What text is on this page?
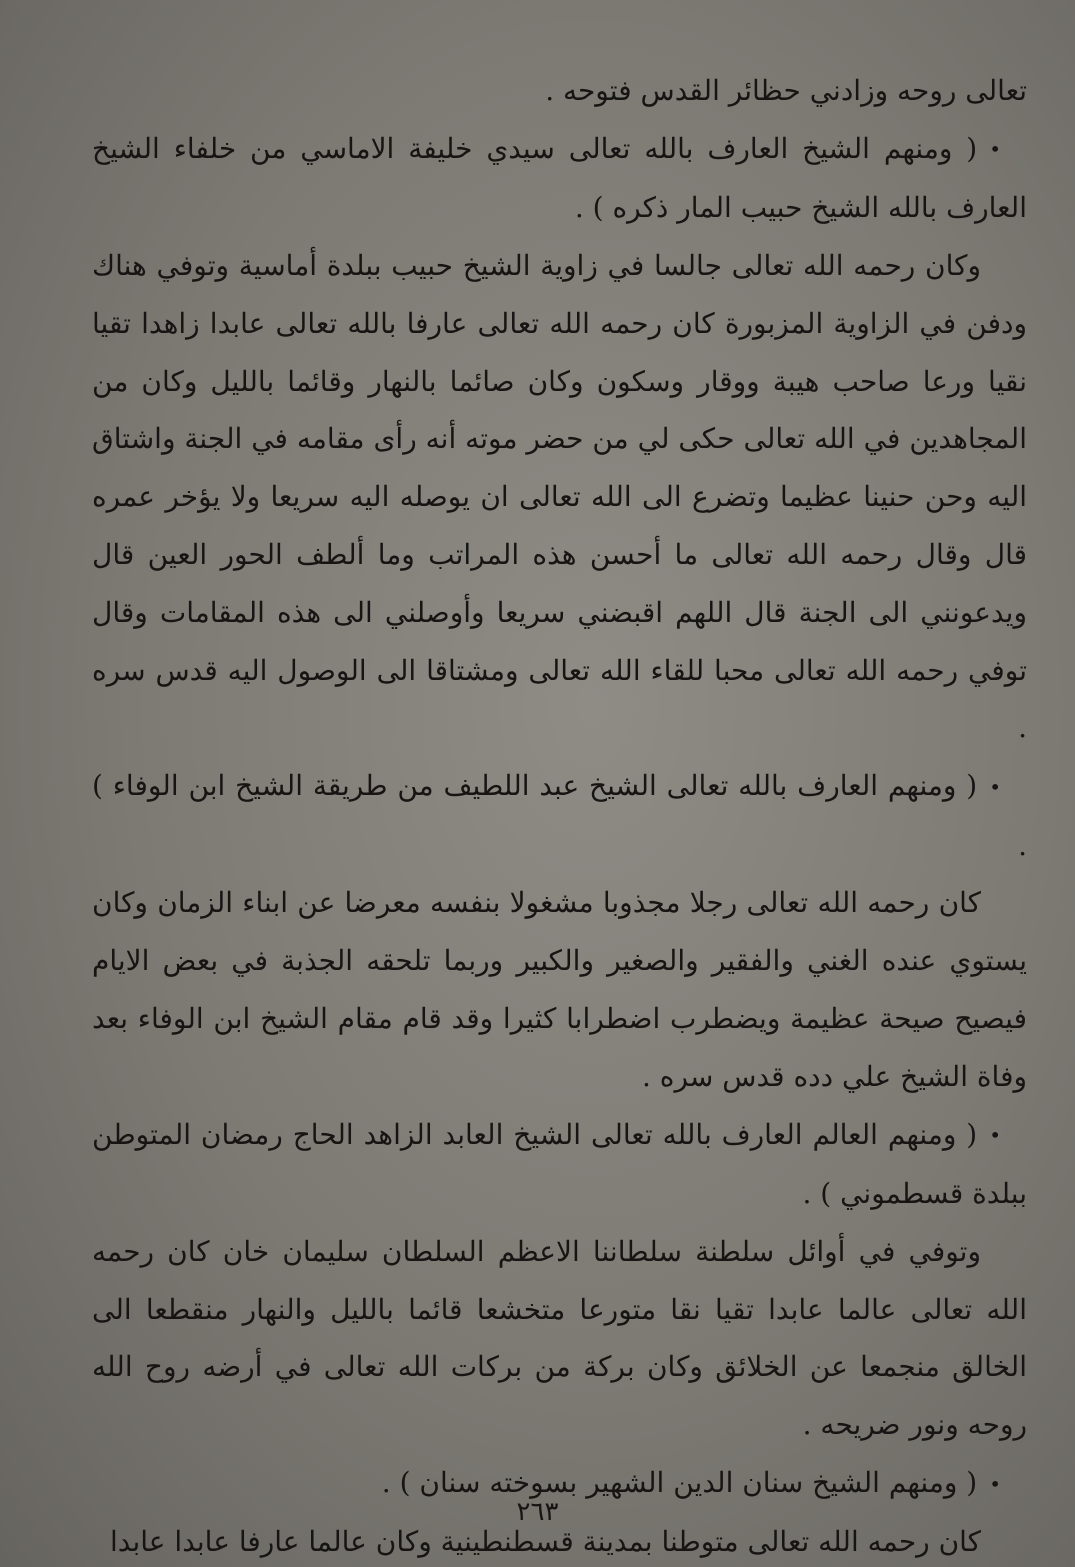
تعالى روحه وزادني حظائر القدس فتوحه .

•( ومنهم الشيخ العارف بالله تعالى سيدي خليفة الاماسي من خلفاء الشيخ العارف بالله الشيخ حبيب المار ذكره ) .

وكان رحمه الله تعالى جالسا في زاوية الشيخ حبيب ببلدة أماسية وتوفي هناك ودفن في الزاوية المزبورة كان رحمه الله تعالى عارفا بالله تعالى عابدا زاهدا تقيا نقيا ورعا صاحب هيبة ووقار وسكون وكان صائما بالنهار وقائما بالليل وكان من المجاهدين في الله تعالى حكى لي من حضر موته أنه رأى مقامه في الجنة واشتاق اليه وحن حنينا عظيما وتضرع الى الله تعالى ان يوصله اليه سريعا ولا يؤخر عمره قال وقال رحمه الله تعالى ما أحسن هذه المراتب وما ألطف الحور العين قال ويدعونني الى الجنة قال اللهم اقبضني سريعا وأوصلني الى هذه المقامات وقال توفي رحمه الله تعالى محبا للقاء الله تعالى ومشتاقا الى الوصول اليه قدس سره .

•( ومنهم العارف بالله تعالى الشيخ عبد اللطيف من طريقة الشيخ ابن الوفاء ) .

كان رحمه الله تعالى رجلا مجذوبا مشغولا بنفسه معرضا عن ابناء الزمان وكان يستوي عنده الغني والفقير والصغير والكبير وربما تلحقه الجذبة في بعض الايام فيصيح صيحة عظيمة ويضطرب اضطرابا كثيرا وقد قام مقام الشيخ ابن الوفاء بعد وفاة الشيخ علي دده قدس سره .

•( ومنهم العالم العارف بالله تعالى الشيخ العابد الزاهد الحاج رمضان المتوطن ببلدة قسطموني ) .

وتوفي في أوائل سلطنة سلطاننا الاعظم السلطان سليمان خان كان رحمه الله تعالى عالما عابدا تقيا نقا متورعا متخشعا قائما بالليل والنهار منقطعا الى الخالق منجمعا عن الخلائق وكان بركة من بركات الله تعالى في أرضه روح الله روحه ونور ضريحه .

•( ومنهم الشيخ سنان الدين الشهير بسوخته سنان ) .

كان رحمه الله تعالى متوطنا بمدينة قسطنطينية وكان عالما عارفا عابدا عابدا

٢٦٣
